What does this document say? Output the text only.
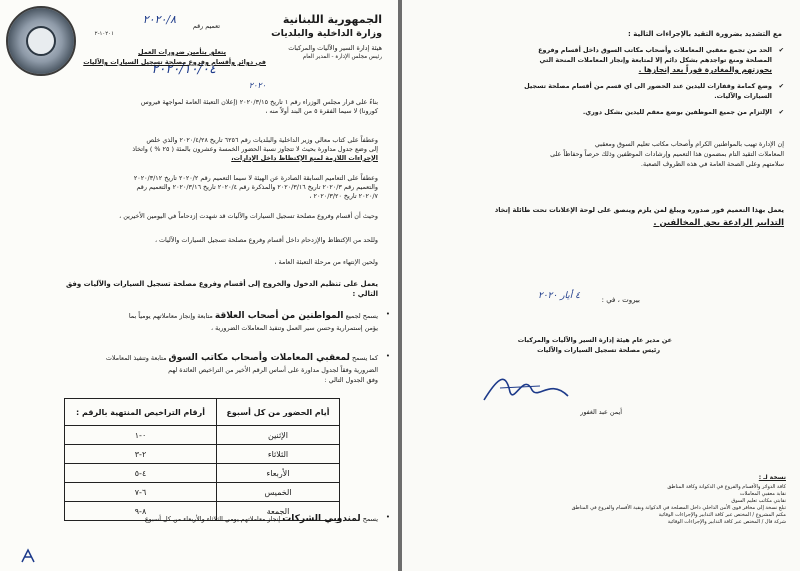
الجمهورية اللبنانية
وزارة الداخلية والبلديات
هيئة إدارة السير والآليات والمركبات
رئيس مجلس الإدارة - المدير العام
تعميم رقم
٢٠٢٠/٨
١٠٢٠١-٢
٢٠٢٠/١٠/٠٤
٢٠٢٠
يتعلق بتأمين ضرورات العمل
في دوائر وأقسام وفروع مصلحة تسجيل السيارات والآليات
بناءً على قرار مجلس الوزراء رقم ١ تاريخ ٢٠٢٠/٣/١٥ (إعلان التعبئة العامة لمواجهة فيروس
كورونا) لا سيما الفقرة ٥ من البند أولاً منه ،
وعطفاً على كتاب معالي وزير الداخلية والبلديات رقم ٦٢٥٦ تاريخ ٢٠٢٠/٤/٢٨ والذي خلص
إلى وضع جدول مداورة بحيث لا تتجاوز نسبة الحضور الخمسة وعشرون بالمئة ( ٢٥ % ) واتخاذ
الإجراءات اللازمة لمنع الإكتظاظ داخل الإدارات،
وعطفاً على التعاميم السابقة الصادرة عن الهيئة لا سيما التعميم رقم ٢٠٢٠/٢ تاريخ ٢٠٢٠/٣/١٢
والتعميم رقم ٢٠٢٠/٣ تاريخ ٢٠٢٠/٣/١٦ والمذكرة رقم ٢٠٢٠/٤ تاريخ ٢٠٢٠/٣/١٦ والتعميم رقم
٢٠٢٠/٧ تاريخ ٢٠٢٠/٣/٢٠ ،
وحيث أن أقسام وفروع مصلحة تسجيل السيارات والآليات قد شهدت إزدحاماً في اليومين الأخيرين ،
وللحد من الإكتظاظ والإزدحام داخل أقسام وفروع مصلحة تسجيل السيارات والآليات ،
ولحين الإنتهاء من مرحلة التعبئة العامة ،
يعمل على تنظيم الدخول والخروج إلى أقسام وفروع مصلحة تسجيل السيارات والآليات وفق
التالي :
•
يسمح لجميع المواطنين من أصحاب العلاقة متابعة وإنجاز معاملاتهم يومياً بما
يؤمن إستمرارية وحسن سير العمل وتنفيذ المعاملات الضرورية ،
•
كما يسمح لمعقبي المعاملات وأصحاب مكاتب السوق متابعة وتنفيذ المعاملات
الضرورية وفقاً لجدول مداورة على أساس الرقم الأخير من التراخيص العائدة لهم
وفق الجدول التالي :
أيام الحضور من كل أسبوع	أرقام التراخيص المنتهية بالرقم :
الإثنين	٠-١
الثلاثاء	٢-٣
الأربعاء	٤-٥
الخميس	٦-٧
الجمعة	٨-٩
•
يسمح لمندوبي الشركات إنجاز معاملاتهم يومي الثلاثاء والأربعاء من كل أسبوع.
مع التشديد بضرورة التقيد بالإجراءات التالية :
✔
الحد من تجمع معقبي المعاملات وأصحاب مكاتب السوق داخل أقسام وفروع
المصلحة ومنع تواجدهم بشكل دائم إلا لمتابعة وإنجاز المعاملات المنحة التي
بحوزتهم والمغادرة فوراً بعد إنجازها .
✔
وضع كمامة وقفازات لليدين عند الحضور الى اي قسم من أقسام مصلحة تسجيل
السيارات والآليات.
✔
الإلتزام من جميع الموظفين بوضع معقم لليدين بشكل دوري.
إن الإدارة تهيب بالمواطنين الكرام وأصحاب مكاتب تعليم السوق ومعقبي
المعاملات التقيد التام بمضمون هذا التعميم وإرشادات الموظفين وذلك حرصاً وحفاظاً على
سلامتهم وعلى الصحة العامة في هذه الظروف الصعبة.
يعمل بهذا التعميم فور صدوره ويبلغ لمن يلزم وينصق على لوحة الإعلانات تحت طائلة إتخاذ
التدابير الرادعة بحق المخالفين .
بيروت ، في :
٤ أيار ٢٠٢٠
عن مدير عام هيئة إدارة السير والآليات والمركبات
رئيس مصلحة تسجيل السيارات والآليات
أيمن عبد الغفور
نسخة لـ :
كافة الدوائر والأقسام والفروع في الدكوانة وكافة المناطق
نقابة معقبي المعاملات
نقابتي مكاتب تعليم السوق
تبلغ نسخة إلى مخافر قوى الأمن الداخلي داخل المصلحة في الدكوانة وبقية الأقسام والفروع في المناطق
مكتم المشروع / المختص عبر كافة التدابير والإجراءات الوقائية
شركة فال / المختص عبر كافة التدابير والإجراءات الوقائية
